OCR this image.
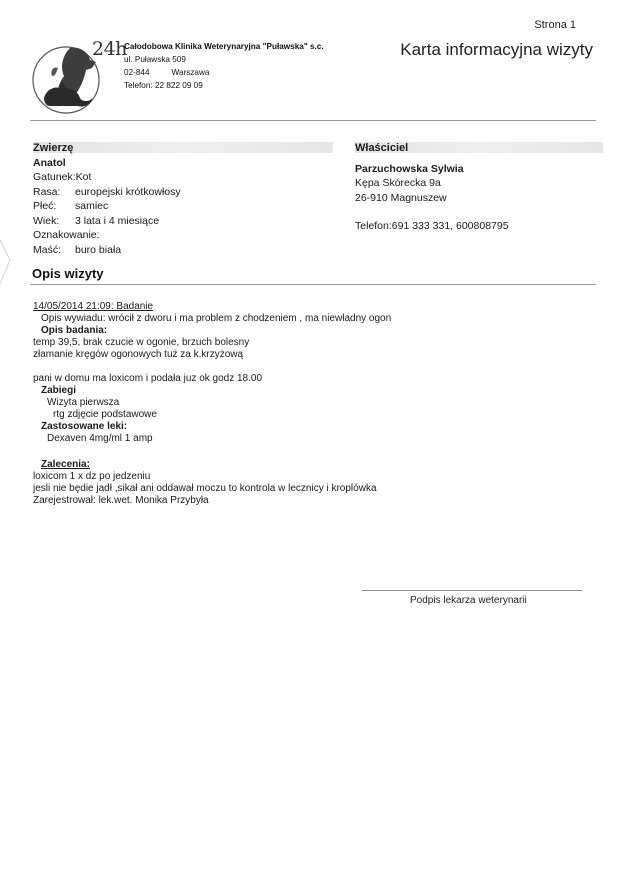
Strona 1
24h
Całodobowa Klinika Weterynaryjna "Puławska" s.c.
ul. Puławska 509
02-844	Warszawa
Telefon: 22 822 09 09
Karta informacyjna wizyty
Zwierzę
Anatol
Gatunek:Kot
Rasa: europejski krótkowłosy
Płeć: samiec
Wiek: 3 lata i 4 miesiące
Oznakowanie:
Maść: buro biała
Właściciel
Parzuchowska Sylwia
Kępa Skórecka 9a
26-910 Magnuszew
Telefon:691 333 331, 600808795
Opis wizyty
14/05/2014 21:09: Badanie
Opis wywiadu: wrócił z dworu i ma problem z chodzeniem , ma niewładny ogon
Opis badania:
temp 39,5, brak czucie w ogonie, brzuch bolesny
złamanie kręgów ogonowych tuż za k.krzyżową
pani w domu ma loxicom i podała juz ok godz 18.00
Zabiegi
Wizyta pierwsza
rtg zdjęcie podstawowe
Zastosowane leki:
Dexaven 4mg/ml 1 amp
Zalecenia:
loxicom 1 x dz po jedzeniu
jesli nie będie jadł ,sikał ani oddawał moczu to kontrola w lecznicy i kroplówka
Zarejestrował: lek.wet. Monika Przybyła
Podpis lekarza weterynarii
